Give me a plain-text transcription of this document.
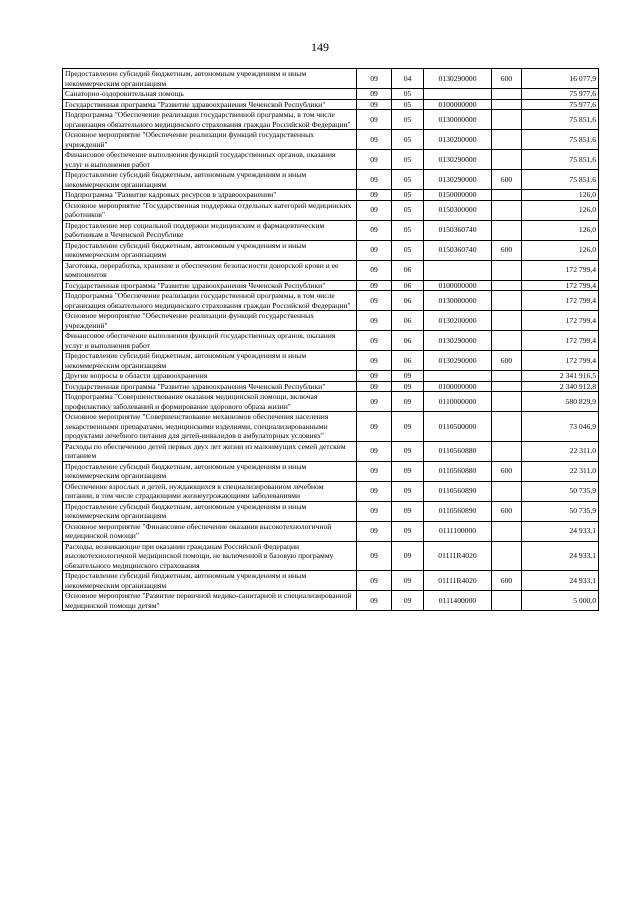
149
Предоставление субсидий бюджетным, автономным учреждениям и иным некоммерческим организациям	09	04	0130290000	600	16 077,9
Санаторно-оздоровительная помощь	09	05			75 977,6
Государственная программа "Развитие здравоохранения Чеченской Республики"	09	05	0100000000		75 977,6
Подпрограмма "Обеспечение реализации государственной программы, в том числе организация обязательного медицинского страхования граждан Российской Федерации"	09	05	0130000000		75 851,6
Основное мероприятие "Обеспечение реализации функций государственных учреждений"	09	05	0130200000		75 851,6
Финансовое обеспечение выполнения функций государственных органов, оказания услуг и выполнения работ	09	05	0130290000		75 851,6
Предоставление субсидий бюджетным, автономным учреждениям и иным некоммерческим организациям	09	05	0130290000	600	75 851,6
Подпрограмма "Развитие кадровых ресурсов в здравоохранении"	09	05	0150000000		126,0
Основное мероприятие "Государственная поддержка отдельных категорий медицинских работников"	09	05	0150300000		126,0
Предоставление мер социальной поддержки медицинским и фармацевтическим работникам в Чеченской Республике	09	05	0150360740		126,0
Предоставление субсидий бюджетным, автономным учреждениям и иным некоммерческим организациям	09	05	0150360740	600	126,0
Заготовка, переработка, хранение и обеспечение безопасности донорской крови и ее компонентов	09	06			172 799,4
Государственная программа "Развитие здравоохранения Чеченской Республики"	09	06	0100000000		172 799,4
Подпрограмма "Обеспечение реализации государственной программы, в том числе организация обязательного медицинского страхования граждан Российской Федерации"	09	06	0130000000		172 799,4
Основное мероприятие "Обеспечение реализации функций государственных учреждений"	09	06	0130200000		172 799,4
Финансовое обеспечение выполнения функций государственных органов, оказания услуг и выполнения работ	09	06	0130290000		172 799,4
Предоставление субсидий бюджетным, автономным учреждениям и иным некоммерческим организациям	09	06	0130290000	600	172 799,4
Другие вопросы в области здравоохранения	09	09			2 341 916,5
Государственная программа "Развитие здравоохранения Чеченской Республики"	09	09	0100000000		2 340 912,8
Подпрограмма "Совершенствование оказания медицинской помощи, включая профилактику заболеваний и формирование здорового образа жизни"	09	09	0110000000		580 829,9
Основное мероприятие "Совершенствование механизмов обеспечения населения лекарственными препаратами, медицинскими изделиями, специализированными продуктами лечебного питания для детей-инвалидов в амбулаторных условиях"	09	09	0110500000		73 046,9
Расходы по обеспечению детей первых двух лет жизни из малоимущих семей детским питанием	09	09	0110560880		22 311,0
Предоставление субсидий бюджетным, автономным учреждениям и иным некоммерческим организациям	09	09	0110560880	600	22 311,0
Обеспечение взрослых и детей, нуждающихся в специализированном лечебном питании, в том числе страдающими жизнеугрожающими заболеваниями	09	09	0110560890		50 735,9
Предоставление субсидий бюджетным, автономным учреждениям и иным некоммерческим организациям	09	09	0110560890	600	50 735,9
Основное мероприятие "Финансовое обеспечение оказания высокотехнологичной медицинской помощи"	09	09	0111100000		24 933,1
Расходы, возникающие при оказании гражданам Российской Федерации высокотехнологичной медицинской помощи, не включенной в базовую программу обязательного медицинского страхования	09	09	01111R4020		24 933,1
Предоставление субсидий бюджетным, автономным учреждениям и иным некоммерческим организациям	09	09	01111R4020	600	24 933,1
Основное мероприятие "Развитие первичной медико-санитарной и специализированной медицинской помощи детям"	09	09	0111400000		5 000,0
